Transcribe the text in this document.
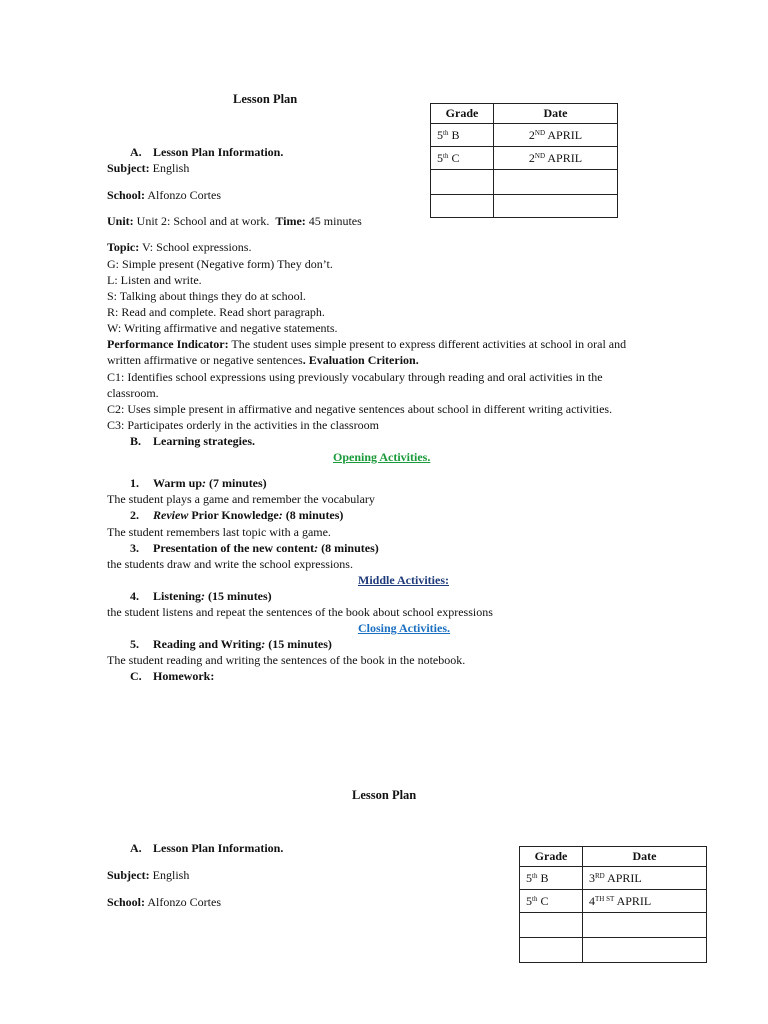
Lesson Plan
Grade	Date
5th B	2ND APRIL
5th C	2ND APRIL

A. Lesson Plan Information.
Subject: English
School: Alfonzo Cortes
Unit: Unit 2: School and at work. Time: 45 minutes
Topic: V: School expressions.
G: Simple present (Negative form) They don’t.
L: Listen and write.
S: Talking about things they do at school.
R: Read and complete. Read short paragraph.
W: Writing affirmative and negative statements.
Performance Indicator: The student uses simple present to express different activities at school in oral and
written affirmative or negative sentences. Evaluation Criterion.
C1: Identifies school expressions using previously vocabulary through reading and oral activities in the
classroom.
C2: Uses simple present in affirmative and negative sentences about school in different writing activities.
C3: Participates orderly in the activities in the classroom
B. Learning strategies.
Opening Activities.
1. Warm up: (7 minutes)
The student plays a game and remember the vocabulary
2. Review Prior Knowledge: (8 minutes)
The student remembers last topic with a game.
3. Presentation of the new content: (8 minutes)
the students draw and write the school expressions.
Middle Activities:
4. Listening: (15 minutes)
the student listens and repeat the sentences of the book about school expressions
Closing Activities.
5. Reading and Writing: (15 minutes)
The student reading and writing the sentences of the book in the notebook.
C. Homework:
Lesson Plan
A. Lesson Plan Information.
Subject: English
School: Alfonzo Cortes
Grade	Date
5th B	3RD APRIL
5th C	$4^{TH ST}$ APRIL
